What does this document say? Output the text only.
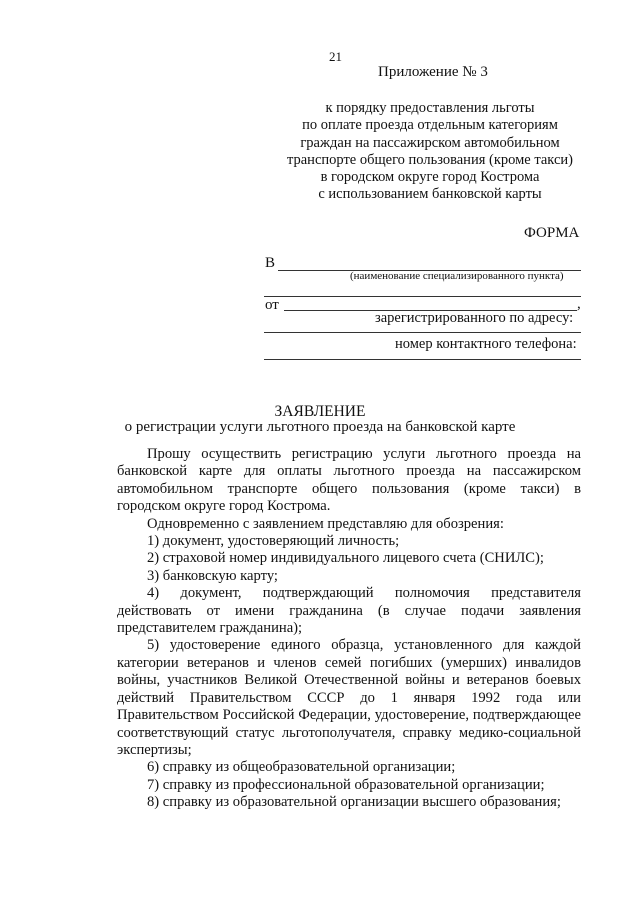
21
Приложение № 3
к порядку предоставления льготы
по оплате проезда отдельным категориям
граждан на пассажирском автомобильном
транспорте общего пользования (кроме такси)
в городском округе город Кострома
с использованием банковской карты
ФОРМА
В
(наименование специализированного пункта)
от	,
зарегистрированного по адресу:
номер контактного телефона:
ЗАЯВЛЕНИЕ
о регистрации услуги льготного проезда на банковской карте
Прошу осуществить регистрацию услуги льготного проезда на банковской карте для оплаты льготного проезда на пассажирском автомобильном транспорте общего пользования (кроме такси) в городском округе город Кострома.
Одновременно с заявлением представляю для обозрения:
1) документ, удостоверяющий личность;
2) страховой номер индивидуального лицевого счета (СНИЛС);
3) банковскую карту;
4) документ, подтверждающий полномочия представителя действовать от имени гражданина (в случае подачи заявления представителем гражданина);
5) удостоверение единого образца, установленного для каждой категории ветеранов и членов семей погибших (умерших) инвалидов войны, участников Великой Отечественной войны и ветеранов боевых действий Правительством СССР до 1 января 1992 года или Правительством Российской Федерации, удостоверение, подтверждающее соответствующий статус льготополучателя, справку медико-социальной экспертизы;
6) справку из общеобразовательной организации;
7) справку из профессиональной образовательной организации;
8) справку из образовательной организации высшего образования;
